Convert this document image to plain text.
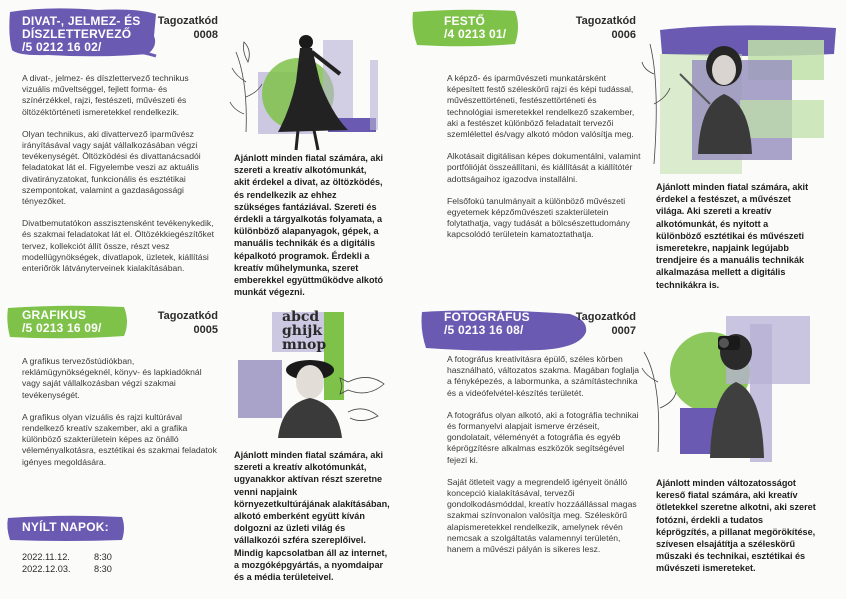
DIVAT-, JELMEZ- ÉS
DÍSZLETTERVEZŐ
/5 0212 16 02/
Tagozatkód
0008

A divat-, jelmez- és díszlettervező technikus vizuális műveltséggel, fejlett forma- és színérzékkel, rajzi, festészeti, művészeti és öltözéktörténeti ismeretekkel rendelkezik.

Olyan technikus, aki divattervező iparművész irányításával vagy saját vállalkozásában végzi tevékenységét. Öltözködési és divattanácsadói feladatokat lát el. Figyelembe veszi az aktuális divatirányzatokat, funkcionális és esztétikai szempontokat, valamint a gazdaságossági tényezőket.

Divatbemutatókon asszisztensként tevékenykedik, és szakmai feladatokat lát el. Öltözékkiegészítőket tervez, kollekciót állít össze, részt vesz modellügynökségek, divatlapok, üzletek, kiállítási enteriőrök látványterveinek kialakításában.

Ajánlott minden fiatal számára, aki szereti a kreatív alkotómunkát, akit érdekel a divat, az öltözködés, és rendelkezik az ehhez szükséges fantáziával. Szereti és érdekli a tárgyalkotás folyamata, a különböző alapanyagok, gépek, a manuális technikák és a digitális képalkotó programok. Érdekli a kreatív műhelymunka, szeret emberekkel együttműködve alkotó munkát végezni.
FESTŐ
/4 0213 01/
Tagozatkód
0006

A képző- és iparművészeti munkatársként képesített festő széleskörű rajzi és képi tudással, művészettörténeti, festészettörténeti és technológiai ismeretekkel rendelkező szakember, aki a festészet különböző feladatait tervezői szemlélettel és/vagy alkotó módon valósítja meg.

Alkotásait digitálisan képes dokumentálni, valamint portfólióját összeállítani, és kiállítását a kiállítótér adottságaihoz igazodva installálni.

Felsőfokú tanulmányait a különböző művészeti egyetemek képzőművészeti szakterületein folytathatja, vagy tudását a bölcsészettudomány kapcsolódó területein kamatoztathatja.

Ajánlott minden fiatal számára, akit érdekel a festészet, a művészet világa. Aki szereti a kreatív alkotómunkát, és nyitott a különböző esztétikai és művészeti ismeretekre, napjaink legújabb trendjeire és a manuális technikák alkalmazása mellett a digitális technikákra is.
GRAFIKUS
/5 0213 16 09/
Tagozatkód
0005

A grafikus tervezőstúdiókban, reklámügynökségeknél, könyv- és lapkiadóknál vagy saját vállalkozásban végzi szakmai tevékenységét.

A grafikus olyan vizuális és rajzi kultúrával rendelkező kreatív szakember, aki a grafika különböző szakterületein képes az önálló véleményalkotásra, esztétikai és szakmai feladatok igényes megoldására.

abcd
ghijk
mnop
Ajánlott minden fiatal számára, aki szereti a kreatív alkotómunkát, ugyanakkor aktívan részt szeretne venni napjaink környezetkultúrájának alakításában, alkotó emberként együtt kíván dolgozni az üzleti világ és vállalkozói szféra szereplőivel. Mindig kapcsolatban áll az internet, a mozgóképgyártás, a nyomdaipar és a média területeivel.
NYÍLT NAPOK:
2022.11.12.	8:30
2022.12.03.	8:30
FOTOGRÁFUS
/5 0213 16 08/
Tagozatkód
0007

A fotográfus kreativitásra épülő, széles körben használható, változatos szakma. Magában foglalja a fényképezés, a labormunka, a számítástechnika és a videófelvétel-készítés területét.

A fotográfus olyan alkotó, aki a fotográfia technikai és formanyelvi alapjait ismerve érzéseit, gondolatait, véleményét a fotográfia és egyéb képrögzítésre alkalmas eszközök segítségével fejezi ki.

Saját ötleteit vagy a megrendelő igényeit önálló koncepció kialakításával, tervezői gondolkodásmóddal, kreatív hozzáállással magas szakmai színvonalon valósítja meg. Széleskörű alapismeretekkel rendelkezik, amelynek révén nemcsak a szolgáltatás valamennyi területén, hanem a művészi pályán is sikeres lesz.

Ajánlott minden változatosságot kereső fiatal számára, aki kreatív ötletekkel szeretne alkotni, aki szeret fotózni, érdekli a tudatos képrögzítés, a pillanat megörökítése, szívesen elsajátítja a széleskörű műszaki és technikai, esztétikai és művészeti ismereteket.
